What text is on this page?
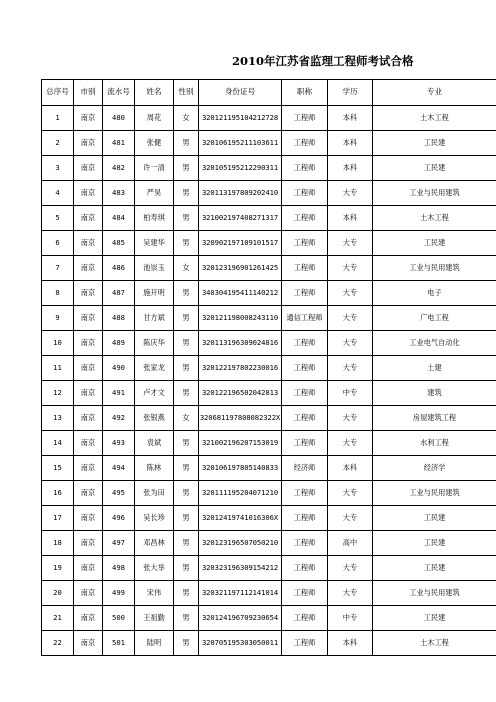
2010年江苏省监理工程师考试合格
总序号	市别	流水号	姓名	性别	身份证号	职称	学历	专业
1	南京	480	周花	女	320121195104212728	工程师	本科	土木工程
2	南京	481	张健	男	320106195211103611	工程师	本科	工民建
3	南京	482	许一清	男	320105195212290311	工程师	本科	工民建
4	南京	483	严昊	男	320113197809202410	工程师	大专	工业与民用建筑
5	南京	484	柏寿琪	男	321002197408271317	工程师	本科	土木工程
6	南京	485	吴建华	男	320902197109101517	工程师	大专	工民建
7	南京	486	池崇玉	女	320123196901261425	工程师	大专	工业与民用建筑
8	南京	487	施开明	男	340304195411140212	工程师	大专	电子
9	南京	488	甘方斌	男	320121198008243110	通信工程师	大专	广电工程
10	南京	489	陈庆华	男	320113196309024816	工程师	大专	工业电气自动化
11	南京	490	张家龙	男	320122197802230016	工程师	大专	土建
12	南京	491	卢才文	男	320122196502042813	工程师	中专	建筑
13	南京	492	张银燕	女	320681197808082322X	工程师	大专	房屋建筑工程
14	南京	493	袁斌	男	321002196207153019	工程师	大专	水利工程
15	南京	494	陈林	男	320106197805140833	经济师	本科	经济学
16	南京	495	张为田	男	320111195204071210	工程师	大专	工业与民用建筑
17	南京	496	吴长珍	男	32012419741016306X	工程师	大专	工民建
18	南京	497	邓昌林	男	320123196507050210	工程师	高中	工民建
19	南京	498	张大举	男	320323196309154212	工程师	大专	工民建
20	南京	499	宋伟	男	320321197112141014	工程师	大专	工业与民用建筑
21	南京	500	王祖勤	男	320124196709230654	工程师	中专	工民建
22	南京	501	陆明	男	320705195303050011	工程师	本科	土木工程
